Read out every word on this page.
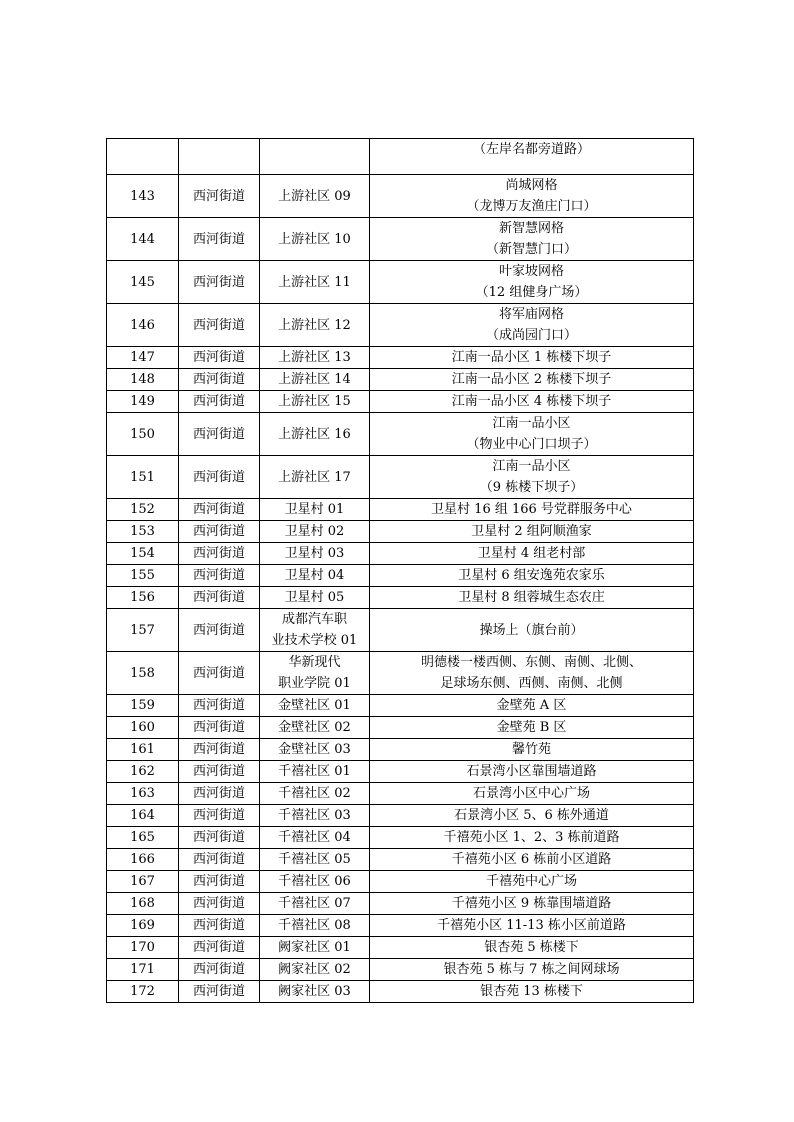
			（左岸名都旁道路）

143	西河街道	上游社区 09	尚城网格
（龙博万友渔庄门口）

144	西河街道	上游社区 10	新智慧网格
（新智慧门口）

145	西河街道	上游社区 11	叶家坡网格
（12 组健身广场）

146	西河街道	上游社区 12	将军庙网格
（成尚园门口）

147	西河街道	上游社区 13	江南一品小区 1 栋楼下坝子

148	西河街道	上游社区 14	江南一品小区 2 栋楼下坝子

149	西河街道	上游社区 15	江南一品小区 4 栋楼下坝子

150	西河街道	上游社区 16	江南一品小区
（物业中心门口坝子）

151	西河街道	上游社区 17	江南一品小区
（9 栋楼下坝子）

152	西河街道	卫星村 01	卫星村 16 组 166 号党群服务中心

153	西河街道	卫星村 02	卫星村 2 组阿顺渔家

154	西河街道	卫星村 03	卫星村 4 组老村部

155	西河街道	卫星村 04	卫星村 6 组安逸苑农家乐

156	西河街道	卫星村 05	卫星村 8 组蓉城生态农庄

157	西河街道	成都汽车职
业技术学校 01	操场上（旗台前）

158	西河街道	华新现代
职业学院 01	明德楼一楼西侧、东侧、南侧、北侧、
足球场东侧、西侧、南侧、北侧

159	西河街道	金壁社区 01	金壁苑 A 区

160	西河街道	金壁社区 02	金壁苑 B 区

161	西河街道	金壁社区 03	馨竹苑

162	西河街道	千禧社区 01	石景湾小区靠围墙道路

163	西河街道	千禧社区 02	石景湾小区中心广场

164	西河街道	千禧社区 03	石景湾小区 5、6 栋外通道

165	西河街道	千禧社区 04	千禧苑小区 1、2、3 栋前道路

166	西河街道	千禧社区 05	千禧苑小区 6 栋前小区道路

167	西河街道	千禧社区 06	千禧苑中心广场

168	西河街道	千禧社区 07	千禧苑小区 9 栋靠围墙道路

169	西河街道	千禧社区 08	千禧苑小区 11-13 栋小区前道路

170	西河街道	阙家社区 01	银杏苑 5 栋楼下

171	西河街道	阙家社区 02	银杏苑 5 栋与 7 栋之间网球场

172	西河街道	阙家社区 03	银杏苑 13 栋楼下
